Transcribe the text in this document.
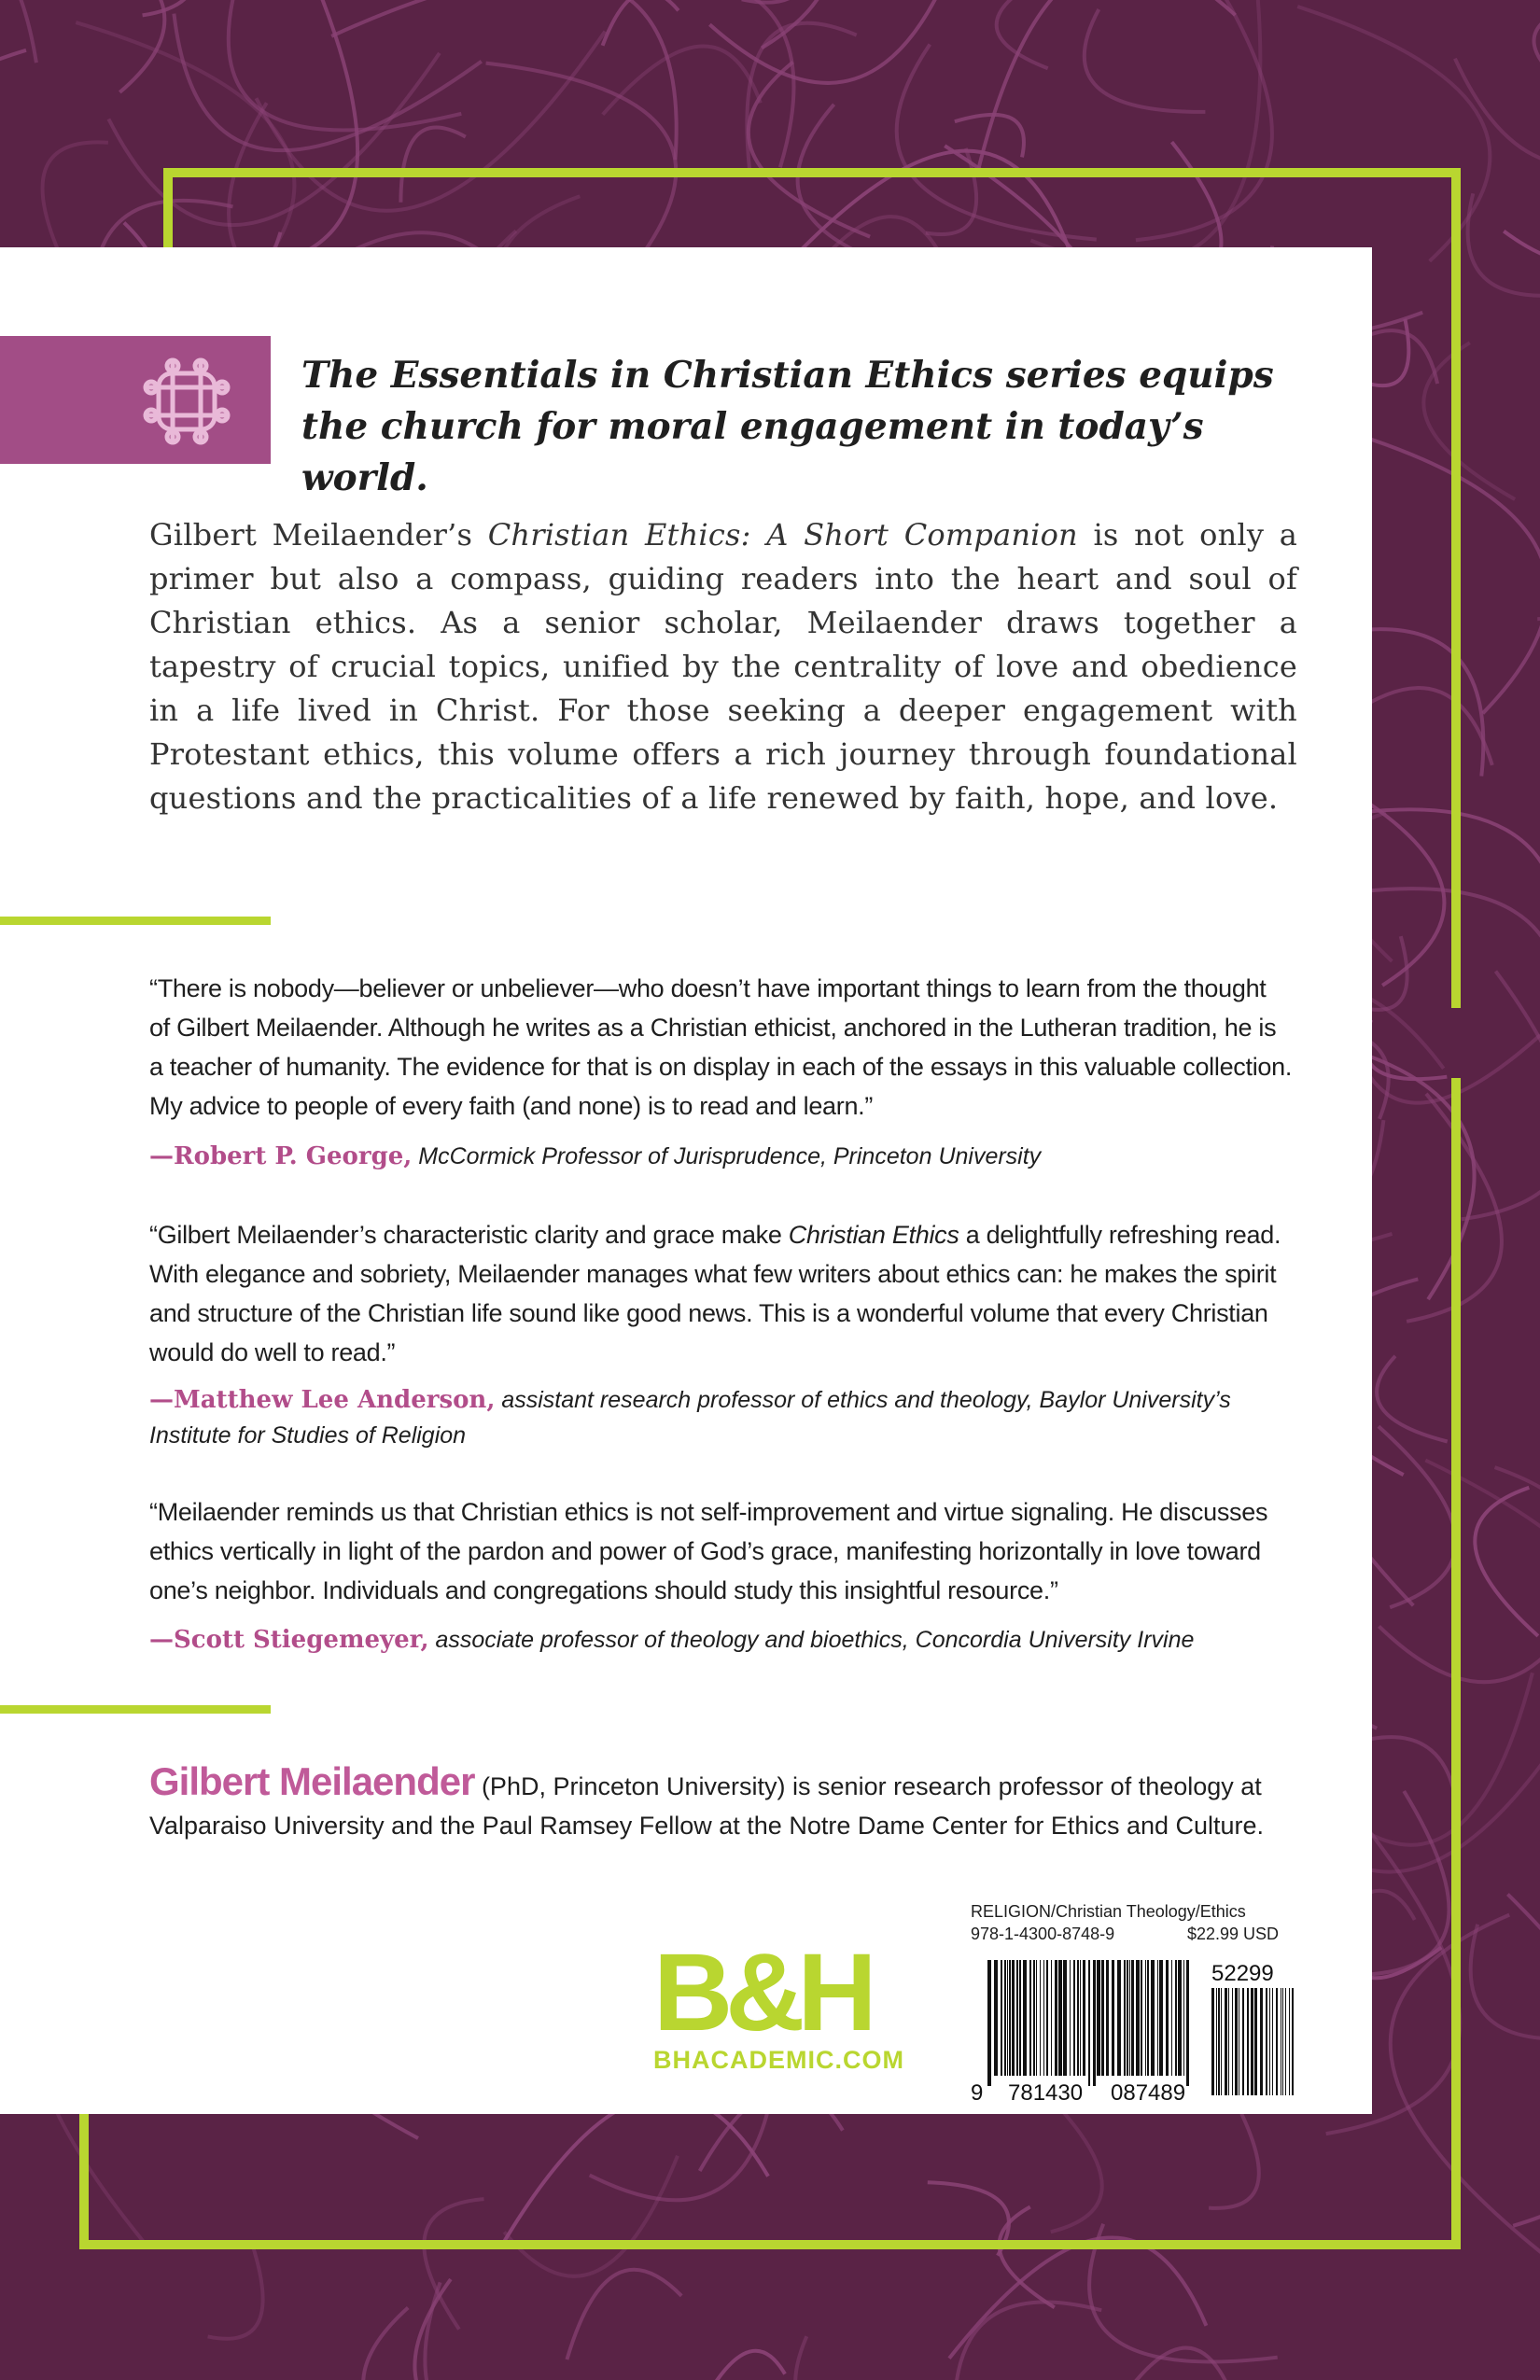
The Essentials in Christian Ethics series equips the church for moral engagement in today’s world.

Gilbert Meilaender’s Christian Ethics: A Short Companion is not only a primer but also a compass, guiding readers into the heart and soul of Christian ethics. As a senior scholar, Meilaender draws together a tapestry of crucial topics, unified by the centrality of love and obedience in a life lived in Christ. For those seeking a deeper engagement with Protestant ethics, this volume offers a rich journey through foundational questions and the practicalities of a life renewed by faith, hope, and love.

“There is nobody—believer or unbeliever—who doesn’t have important things to learn from the thought of Gilbert Meilaender. Although he writes as a Christian ethicist, anchored in the Lutheran tradition, he is a teacher of humanity. The evidence for that is on display in each of the essays in this valuable collection. My advice to people of every faith (and none) is to read and learn.”

—Robert P. George, McCormick Professor of Jurisprudence, Princeton University

“Gilbert Meilaender’s characteristic clarity and grace make Christian Ethics a delightfully refreshing read. With elegance and sobriety, Meilaender manages what few writers about ethics can: he makes the spirit and structure of the Christian life sound like good news. This is a wonderful volume that every Christian would do well to read.”

—Matthew Lee Anderson, assistant research professor of ethics and theology, Baylor University’s Institute for Studies of Religion

“Meilaender reminds us that Christian ethics is not self-improvement and virtue signaling. He discusses ethics vertically in light of the pardon and power of God’s grace, manifesting horizontally in love toward one’s neighbor. Individuals and congregations should study this insightful resource.”

—Scott Stiegemeyer, associate professor of theology and bioethics, Concordia University Irvine

Gilbert Meilaender (PhD, Princeton University) is senior research professor of theology at Valparaiso University and the Paul Ramsey Fellow at the Notre Dame Center for Ethics and Culture.

B&H
BHACADEMIC.COM
RELIGION/Christian Theology/Ethics
978-1-4300-8748-9	$22.99 USD
9 781430 087489
52299
